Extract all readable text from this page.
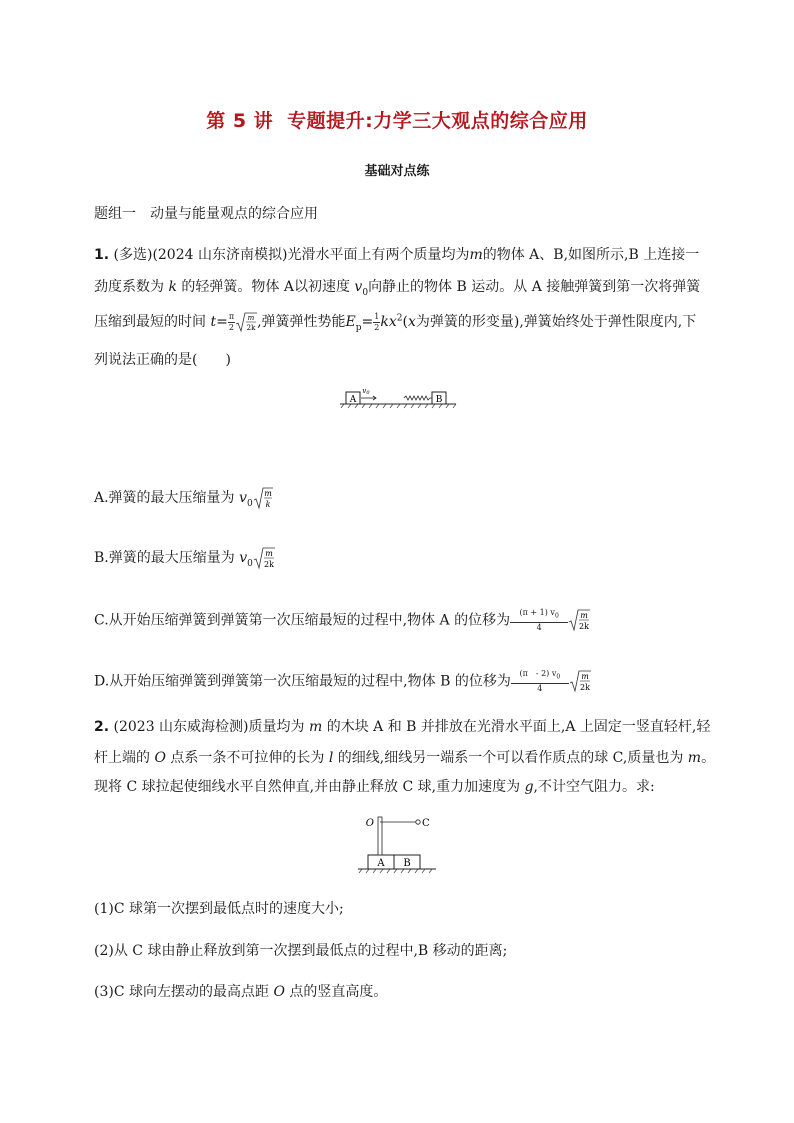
第 5 讲 专题提升:力学三大观点的综合应用
基础对点练
题组一　动量与能量观点的综合应用
1. (多选)(2024 山东济南模拟)光滑水平面上有两个质量均为m的物体 A、B,如图所示,B 上连接一
劲度系数为 k 的轻弹簧。物体 A以初速度 $v_0$向静止的物体 B 运动。从 A 接触弹簧到第一次将弹簧
压缩到最短的时间 $t= \frac{\pi}{2}$ m
2k ,弹簧弹性势能$E_p= \frac{1}{2} kx^2(x$为弹簧的形变量),弹簧始终处于弹性限度内,下
列说法正确的是(　　)
A
v0
B
A.弹簧的最大压缩量为 $v_0$
m
k
B.弹簧的最大压缩量为 $v_0$
m
2k
C.从开始压缩弹簧到弹簧第一次压缩最短的过程中,物体 A 的位移为 $\frac{(\pi + 1) v_0}{4}$ m
2k
D.从开始压缩弹簧到弹簧第一次压缩最短的过程中,物体 B 的位移为 $\frac{(\pi - 2) v_0}{4}$ m
2k
2. (2023 山东威海检测)质量均为 m 的木块 A 和 B 并排放在光滑水平面上,A 上固定一竖直轻杆,轻
杆上端的 O 点系一条不可拉伸的长为 l 的细线,细线另一端系一个可以看作质点的球 C,质量也为 m。
现将 C 球拉起使细线水平自然伸直,并由静止释放 C 球,重力加速度为 g,不计空气阻力。求:
A B
O	C
(1)C 球第一次摆到最低点时的速度大小;
(2)从 C 球由静止释放到第一次摆到最低点的过程中,B 移动的距离;
(3)C 球向左摆动的最高点距 O 点的竖直高度。
